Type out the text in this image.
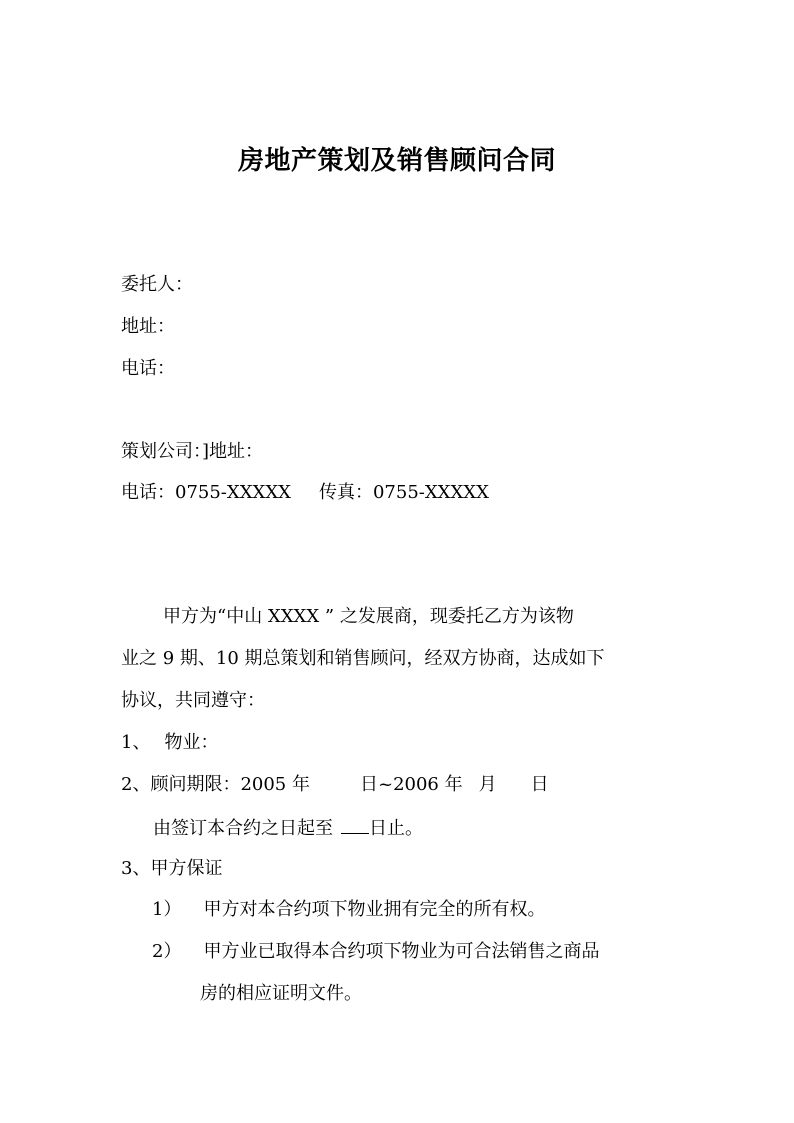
房地产策划及销售顾问合同
委托人：
地址：
电话：
策划公司：]地址：
电话：0755-XXXXX 传真：0755-XXXXX
甲方为“中山 XXXX ” 之发展商，现委托乙方为该物
业之 9 期、10 期总策划和销售顾问，经双方协商，达成如下
协议，共同遵守：
1、 物业：
2、顾问期限：2005 年	日~2006 年 月 日
由签订本合约之日起至 日止。
3、甲方保证
1） 甲方对本合约项下物业拥有完全的所有权。
2） 甲方业已取得本合约项下物业为可合法销售之商品
房的相应证明文件。
